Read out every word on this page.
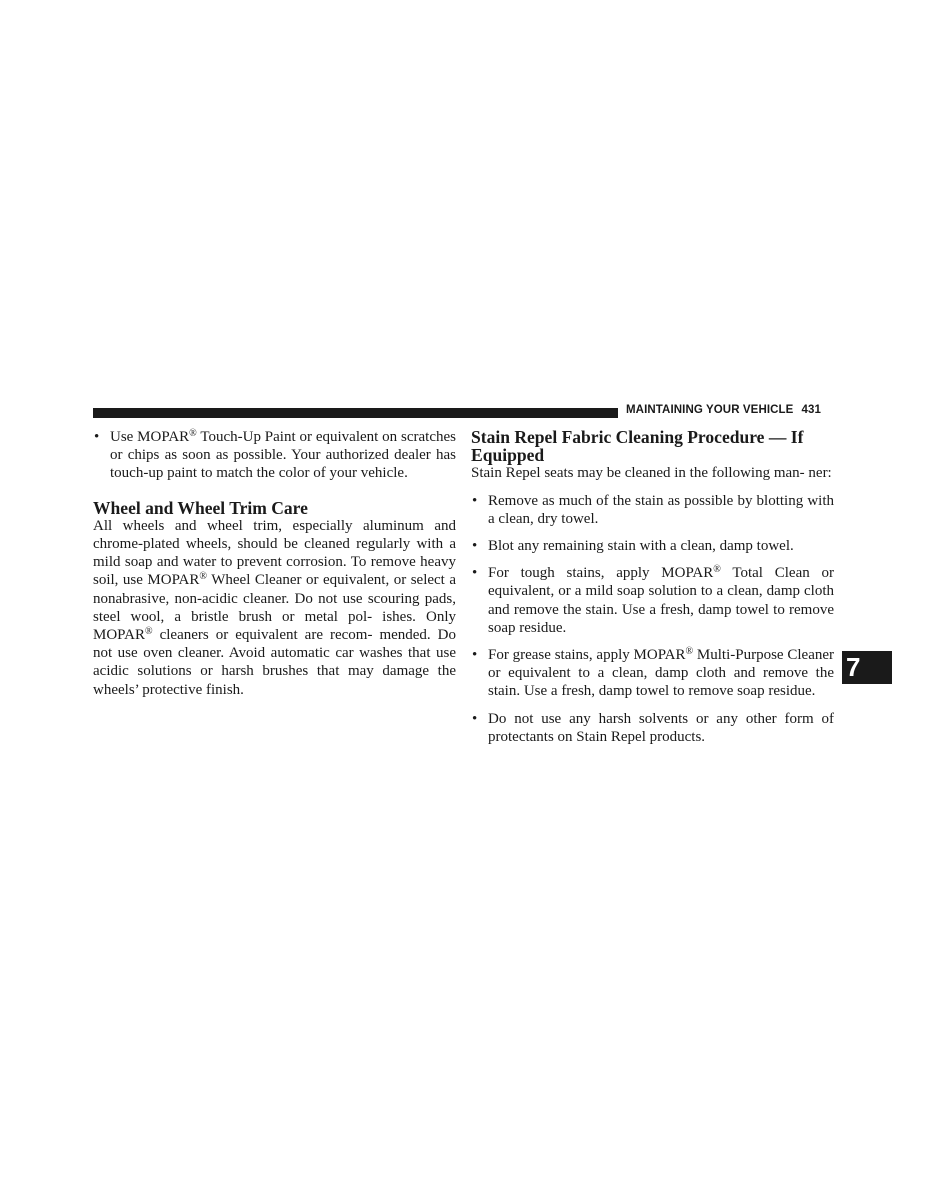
MAINTAINING YOUR VEHICLE 431
• Use MOPAR® Touch-Up Paint or equivalent on scratches or chips as soon as possible. Your authorized dealer has touch-up paint to match the color of your vehicle.
Wheel and Wheel Trim Care

All wheels and wheel trim, especially aluminum and chrome-plated wheels, should be cleaned regularly with a mild soap and water to prevent corrosion. To remove heavy soil, use MOPAR® Wheel Cleaner or equivalent, or select a nonabrasive, non-acidic cleaner. Do not use scouring pads, steel wool, a bristle brush or metal pol- ishes. Only MOPAR® cleaners or equivalent are recom- mended. Do not use oven cleaner. Avoid automatic car washes that use acidic solutions or harsh brushes that may damage the wheels’ protective finish.

Stain Repel Fabric Cleaning Procedure — If Equipped

Stain Repel seats may be cleaned in the following man- ner:

• Remove as much of the stain as possible by blotting with a clean, dry towel.
• Blot any remaining stain with a clean, damp towel.
• For tough stains, apply MOPAR® Total Clean or equivalent, or a mild soap solution to a clean, damp cloth and remove the stain. Use a fresh, damp towel to remove soap residue.
• For grease stains, apply MOPAR® Multi-Purpose Cleaner or equivalent to a clean, damp cloth and remove the stain. Use a fresh, damp towel to remove soap residue.
• Do not use any harsh solvents or any other form of protectants on Stain Repel products.
7
